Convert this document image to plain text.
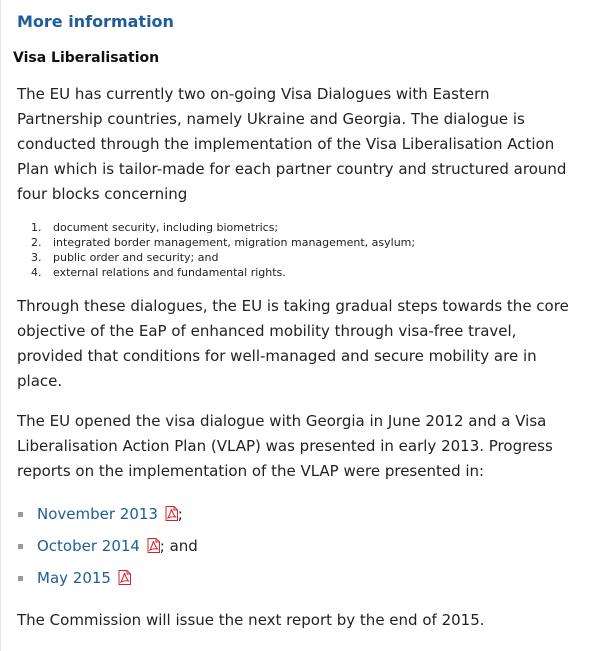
More information
Visa Liberalisation

The EU has currently two on-going Visa Dialogues with Eastern Partnership countries, namely Ukraine and Georgia. The dialogue is conducted through the implementation of the Visa Liberalisation Action Plan which is tailor-made for each partner country and structured around four blocks concerning

1. document security, including biometrics;
2. integrated border management, migration management, asylum;
3. public order and security; and
4. external relations and fundamental rights.

Through these dialogues, the EU is taking gradual steps towards the core objective of the EaP of enhanced mobility through visa-free travel, provided that conditions for well-managed and secure mobility are in place.

The EU opened the visa dialogue with Georgia in June 2012 and a Visa Liberalisation Action Plan (VLAP) was presented in early 2013. Progress reports on the implementation of the VLAP were presented in:

November 2013 ;
October 2014 ; and
May 2015

The Commission will issue the next report by the end of 2015.
